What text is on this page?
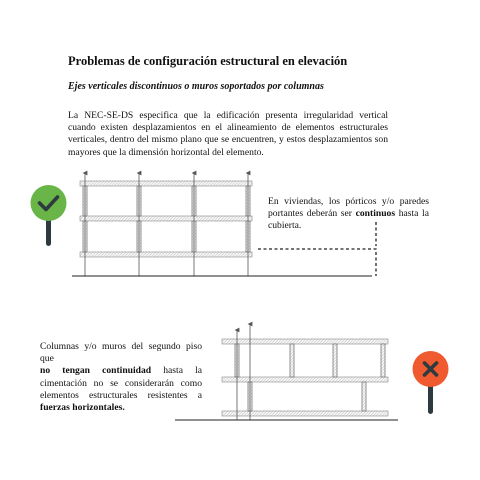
Problemas de configuración estructural en elevación
Ejes verticales discontinuos o muros soportados por columnas
La NEC-SE-DS especifica que la edificación presenta irregularidad vertical cuando existen desplazamientos en el alineamiento de elementos estructurales verticales, dentro del mismo plano que se encuentren, y estos desplazamientos son mayores que la dimensión horizontal del elemento.
En viviendas, los pórticos y/o paredes portantes deberán ser continuos hasta la cubierta.
Columnas y/o muros del segundo piso que
no tengan continuidad hasta la cimentación no se considerarán como elementos estructurales resistentes a fuerzas horizontales.
